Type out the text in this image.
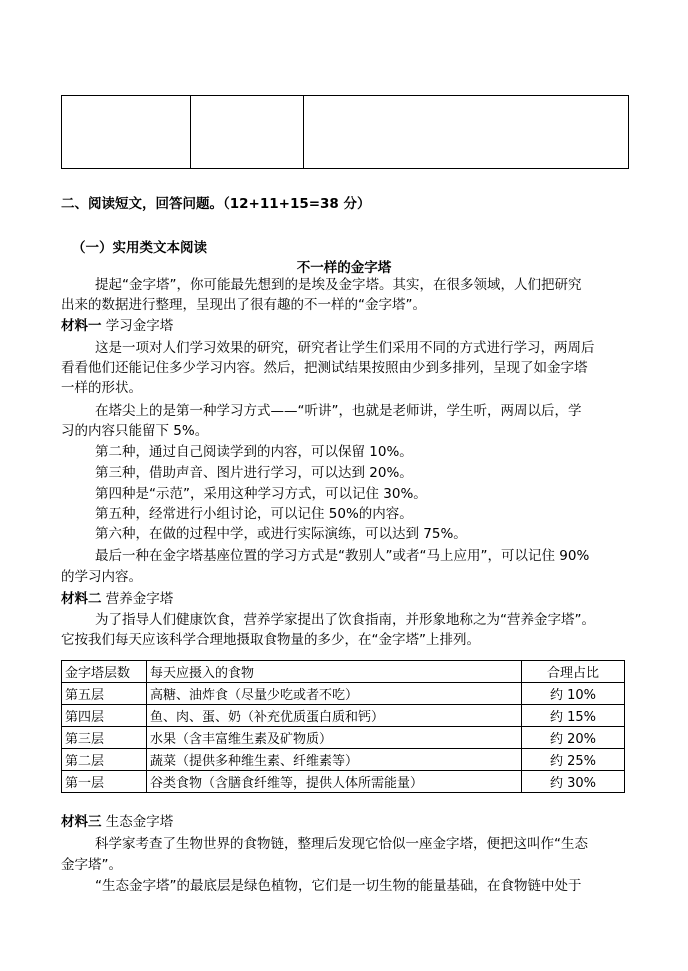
二、阅读短文，回答问题。（12+11+15=38 分）
（一）实用类文本阅读
不一样的金字塔
提起“金字塔”，你可能最先想到的是埃及金字塔。其实，在很多领域，人们把研究
出来的数据进行整理，呈现出了很有趣的不一样的“金字塔”。
材料一 学习金字塔
这是一项对人们学习效果的研究，研究者让学生们采用不同的方式进行学习，两周后
看看他们还能记住多少学习内容。然后，把测试结果按照由少到多排列，呈现了如金字塔
一样的形状。
在塔尖上的是第一种学习方式——“听讲”，也就是老师讲，学生听，两周以后，学
习的内容只能留下 5%。
第二种，通过自己阅读学到的内容，可以保留 10%。
第三种，借助声音、图片进行学习，可以达到 20%。
第四种是“示范”，采用这种学习方式，可以记住 30%。
第五种，经常进行小组讨论，可以记住 50%的内容。
第六种，在做的过程中学，或进行实际演练，可以达到 75%。
最后一种在金字塔基座位置的学习方式是“教别人”或者“马上应用”，可以记住 90%
的学习内容。
材料二 营养金字塔
为了指导人们健康饮食，营养学家提出了饮食指南，并形象地称之为“营养金字塔”。
它按我们每天应该科学合理地摄取食物量的多少，在“金字塔”上排列。
金字塔层数	每天应摄入的食物	合理占比
第五层	高糖、油炸食（尽量少吃或者不吃）	约 10%
第四层	鱼、肉、蛋、奶（补充优质蛋白质和钙）	约 15%
第三层	水果（含丰富维生素及矿物质）	约 20%
第二层	蔬菜（提供多种维生素、纤维素等）	约 25%
第一层	谷类食物（含膳食纤维等，提供人体所需能量）	约 30%
材料三 生态金字塔
科学家考查了生物世界的食物链，整理后发现它恰似一座金字塔，便把这叫作“生态
金字塔”。
“生态金字塔”的最底层是绿色植物，它们是一切生物的能量基础，在食物链中处于
